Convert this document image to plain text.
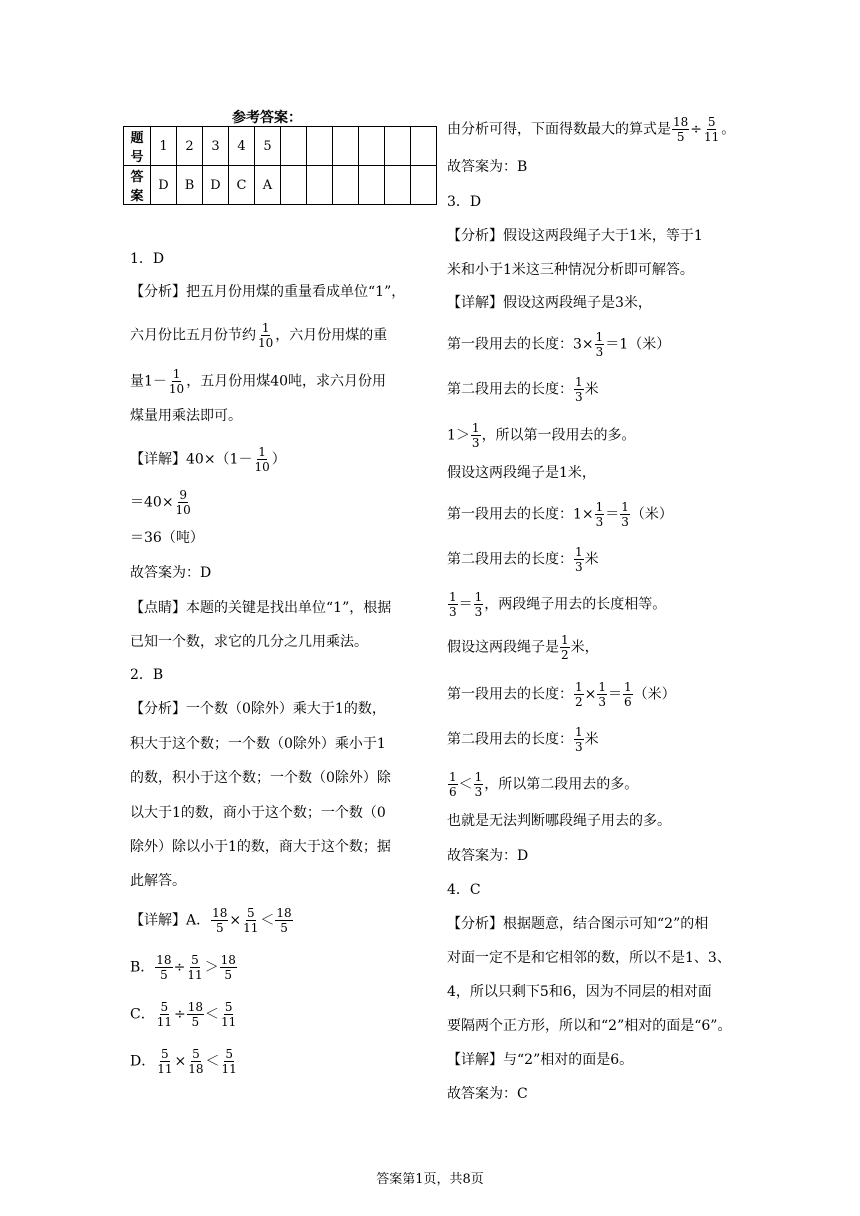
参考答案：
题
号	1	2	3	4	5						
答
案	D	B	D	C	A						
1．D
【分析】把五月份用煤的重量看成单位“1”，
六月份比五月份节约 $\frac{1}{10}$ ，六月份用煤的重
量$1- \frac{1}{10}$ ，五月份用煤40吨，求六月份用
煤量用乘法即可。
【详解】$40\times(1- \frac{1}{10}$ ）
$=40\times \frac{9}{10}$
＝36（吨）
故答案为：D
【点睛】本题的关键是找出单位“1”，根据
已知一个数，求它的几分之几用乘法。
2．B
【分析】一个数（0除外）乘大于1的数，
积大于这个数；一个数（0除外）乘小于1
的数，积小于这个数；一个数（0除外）除
以大于1的数，商小于这个数；一个数（0
除外）除以小于1的数，商大于这个数；据
此解答。
【详解】A． $\frac{18}{5} \times \frac{5}{11} < \frac{18}{5}$
B． $\frac{18}{5} \div \frac{5}{11} > \frac{18}{5}$
C． $\frac{5}{11} \div \frac{18}{5} < \frac{5}{11}$
D． $\frac{5}{11} \times \frac{5}{18} < \frac{5}{11}$
由分析可得，下面得数最大的算式是 $\frac{18}{5} \div \frac{5}{11}$ 。
故答案为：B
3．D
【分析】假设这两段绳子大于1米，等于1
米和小于1米这三种情况分析即可解答。
【详解】假设这两段绳子是3米，
第一段用去的长度：$3\times \frac{1}{3} =1$（米）
第二段用去的长度： $\frac{1}{3}$ 米
$1> \frac{1}{3}$ ，所以第一段用去的多。
假设这两段绳子是1米，
第一段用去的长度：$1\times \frac{1}{3} = \frac{1}{3}$ （米）
第二段用去的长度： $\frac{1}{3}$ 米
$\frac{1}{3} = \frac{1}{3}$ ，两段绳子用去的长度相等。
假设这两段绳子是 $\frac{1}{2}$ 米，
第一段用去的长度： $\frac{1}{2} \times \frac{1}{3} = \frac{1}{6}$ （米）
第二段用去的长度： $\frac{1}{3}$ 米
$\frac{1}{6} < \frac{1}{3}$ ，所以第二段用去的多。
也就是无法判断哪段绳子用去的多。
故答案为：D
4．C
【分析】根据题意，结合图示可知“2”的相
对面一定不是和它相邻的数，所以不是1、3、
4，所以只剩下5和6，因为不同层的相对面
要隔两个正方形，所以和“2”相对的面是“6”。
【详解】与“2”相对的面是6。
故答案为：C
答案第1页，共8页
